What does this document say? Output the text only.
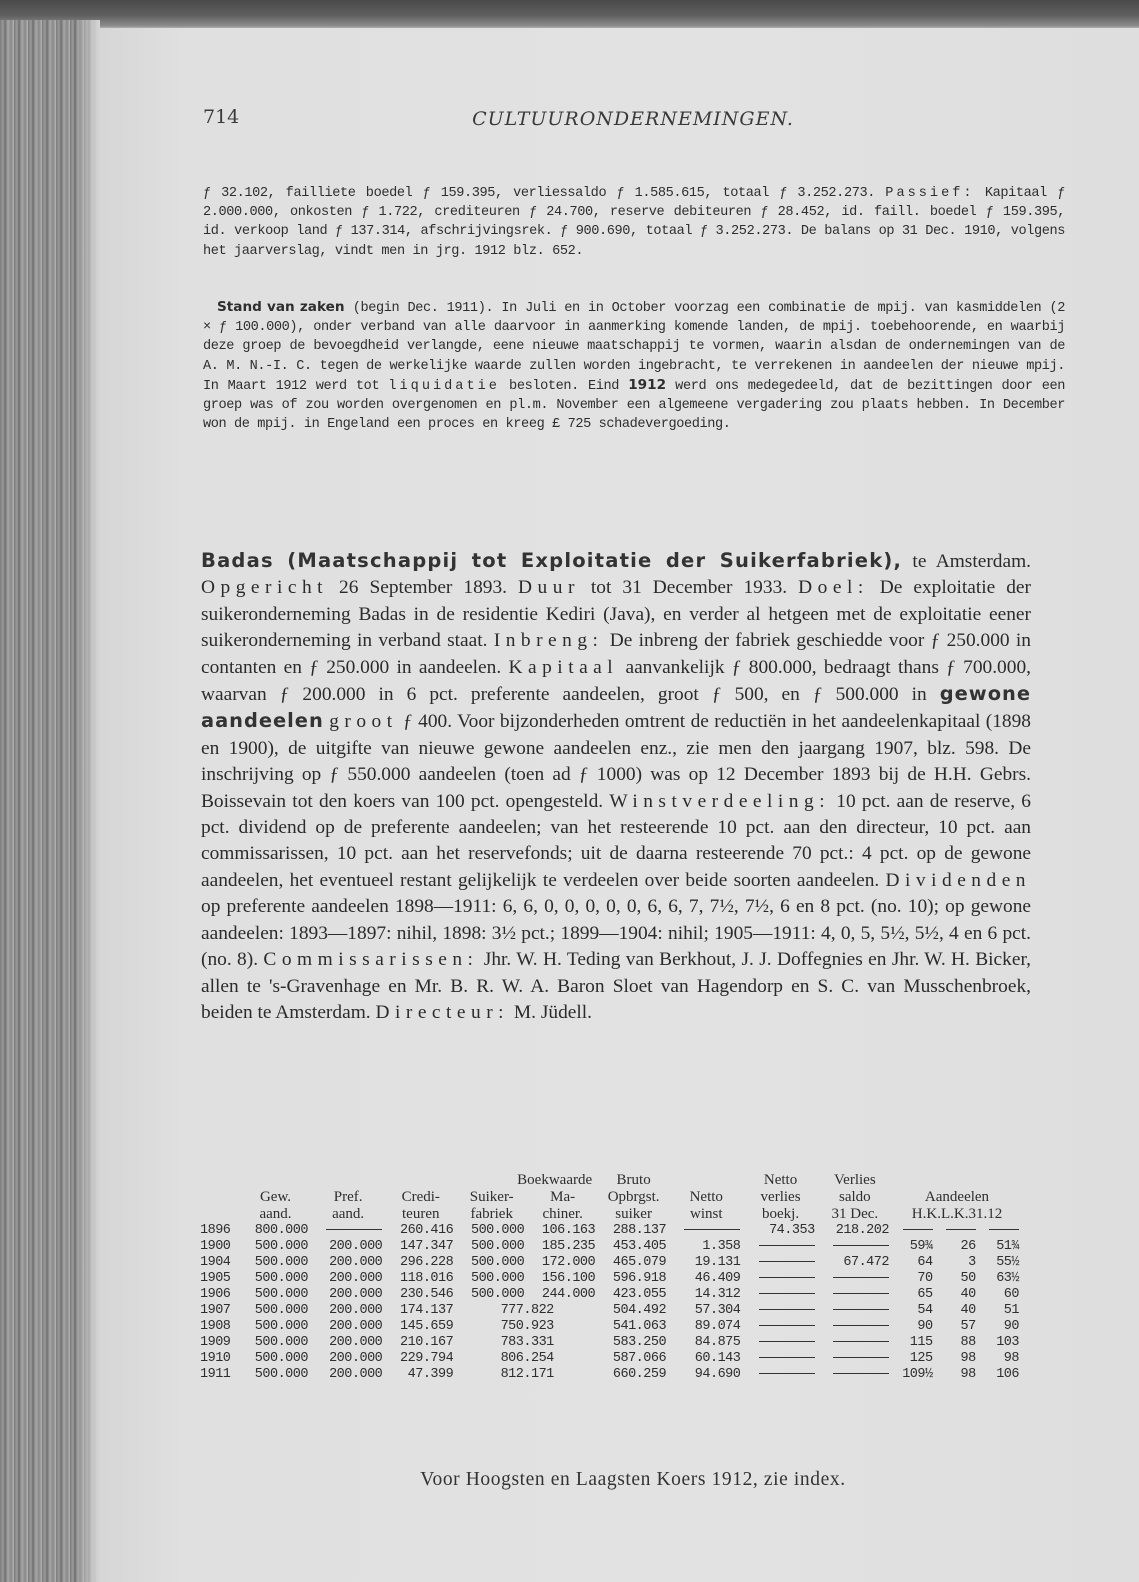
714	CULTUURONDERNEMINGEN.
ƒ 32.102, failliete boedel ƒ 159.395, verliessaldo ƒ 1.585.615, totaal ƒ 3.252.273. Passief: Kapitaal ƒ 2.000.000, onkosten ƒ 1.722, crediteuren ƒ 24.700, reserve debiteuren ƒ 28.452, id. faill. boedel ƒ 159.395, id. verkoop land ƒ 137.314, afschrijvingsrek. ƒ 900.690, totaal ƒ 3.252.273. De balans op 31 Dec. 1910, volgens het jaarverslag, vindt men in jrg. 1912 blz. 652.
Stand van zaken (begin Dec. 1911). In Juli en in October voorzag een combinatie de mpij. van kasmiddelen (2 × ƒ 100.000), onder verband van alle daarvoor in aanmerking komende landen, de mpij. toebehoorende, en waarbij deze groep de bevoegdheid verlangde, eene nieuwe maatschappij te vormen, waarin alsdan de ondernemingen van de A. M. N.-I. C. tegen de werkelijke waarde zullen worden ingebracht, te verrekenen in aandeelen der nieuwe mpij. In Maart 1912 werd tot liquidatie besloten. Eind 1912 werd ons medegedeeld, dat de bezittingen door een groep was of zou worden overgenomen en pl.m. November een algemeene vergadering zou plaats hebben. In December won de mpij. in Engeland een proces en kreeg £ 725 schadevergoeding.
Badas (Maatschappij tot Exploitatie der Suikerfabriek), te Amsterdam. Opgericht 26 September 1893. Duur tot 31 December 1933. Doel: De exploitatie der suikeronderneming Badas in de residentie Kediri (Java), en verder al hetgeen met de exploitatie eener suikeronderneming in verband staat. Inbreng: De inbreng der fabriek geschiedde voor ƒ 250.000 in contanten en ƒ 250.000 in aandeelen. Kapitaal aanvankelijk ƒ 800.000, bedraagt thans ƒ 700.000, waarvan ƒ 200.000 in 6 pct. preferente aandeelen, groot ƒ 500, en ƒ 500.000 in gewone aandeelen groot ƒ 400. Voor bijzonderheden omtrent de reductiën in het aandeelenkapitaal (1898 en 1900), de uitgifte van nieuwe gewone aandeelen enz., zie men den jaargang 1907, blz. 598. De inschrijving op ƒ 550.000 aandeelen (toen ad ƒ 1000) was op 12 December 1893 bij de H.H. Gebrs. Boissevain tot den koers van 100 pct. opengesteld. Winstverdeeling: 10 pct. aan de reserve, 6 pct. dividend op de preferente aandeelen; van het resteerende 10 pct. aan den directeur, 10 pct. aan commissarissen, 10 pct. aan het reservefonds; uit de daarna resteerende 70 pct.: 4 pct. op de gewone aandeelen, het eventueel restant gelijkelijk te verdeelen over beide soorten aandeelen. Dividenden op preferente aandeelen 1898—1911: 6, 6, 0, 0, 0, 0, 0, 6, 6, 7, 7½, 7½, 6 en 8 pct. (no. 10); op gewone aandeelen: 1893—1897: nihil, 1898: 3½ pct.; 1899—1904: nihil; 1905—1911: 4, 0, 5, 5½, 5½, 4 en 6 pct. (no. 8). Commissarissen: Jhr. W. H. Teding van Berkhout, J. J. Doffegnies en Jhr. W. H. Bicker, allen te 's-Gravenhage en Mr. B. R. W. A. Baron Sloet van Hagendorp en S. C. van Musschenbroek, beiden te Amsterdam. Directeur: M. Jüdell.
				Boekwaarde		Bruto		Netto	Verlies			
	Gew.	Pref.	Credi-	Suiker-	Ma-	Opbrgst.	Netto	verlies	saldo	Aandeelen		
	aand.	aand.	teuren	fabriek	chiner.	suiker	winst	boekj.	31 Dec.	H.K.L.K.31.12		
1896	800.000		260.416	500.000	106.163	288.137		74.353	218.202			
1900	500.000	200.000	147.347	500.000	185.235	453.405	1.358			59¾	26	51¾
1904	500.000	200.000	296.228	500.000	172.000	465.079	19.131		67.472	64	3	55½
1905	500.000	200.000	118.016	500.000	156.100	596.918	46.409			70	50	63½
1906	500.000	200.000	230.546	500.000	244.000	423.055	14.312			65	40	60
1907	500.000	200.000	174.137	777.822		504.492	57.304			54	40	51
1908	500.000	200.000	145.659	750.923		541.063	89.074			90	57	90
1909	500.000	200.000	210.167	783.331		583.250	84.875			115	88	103
1910	500.000	200.000	229.794	806.254		587.066	60.143			125	98	98
1911	500.000	200.000	47.399	812.171		660.259	94.690			109½	98	106
Voor Hoogsten en Laagsten Koers 1912, zie index.
